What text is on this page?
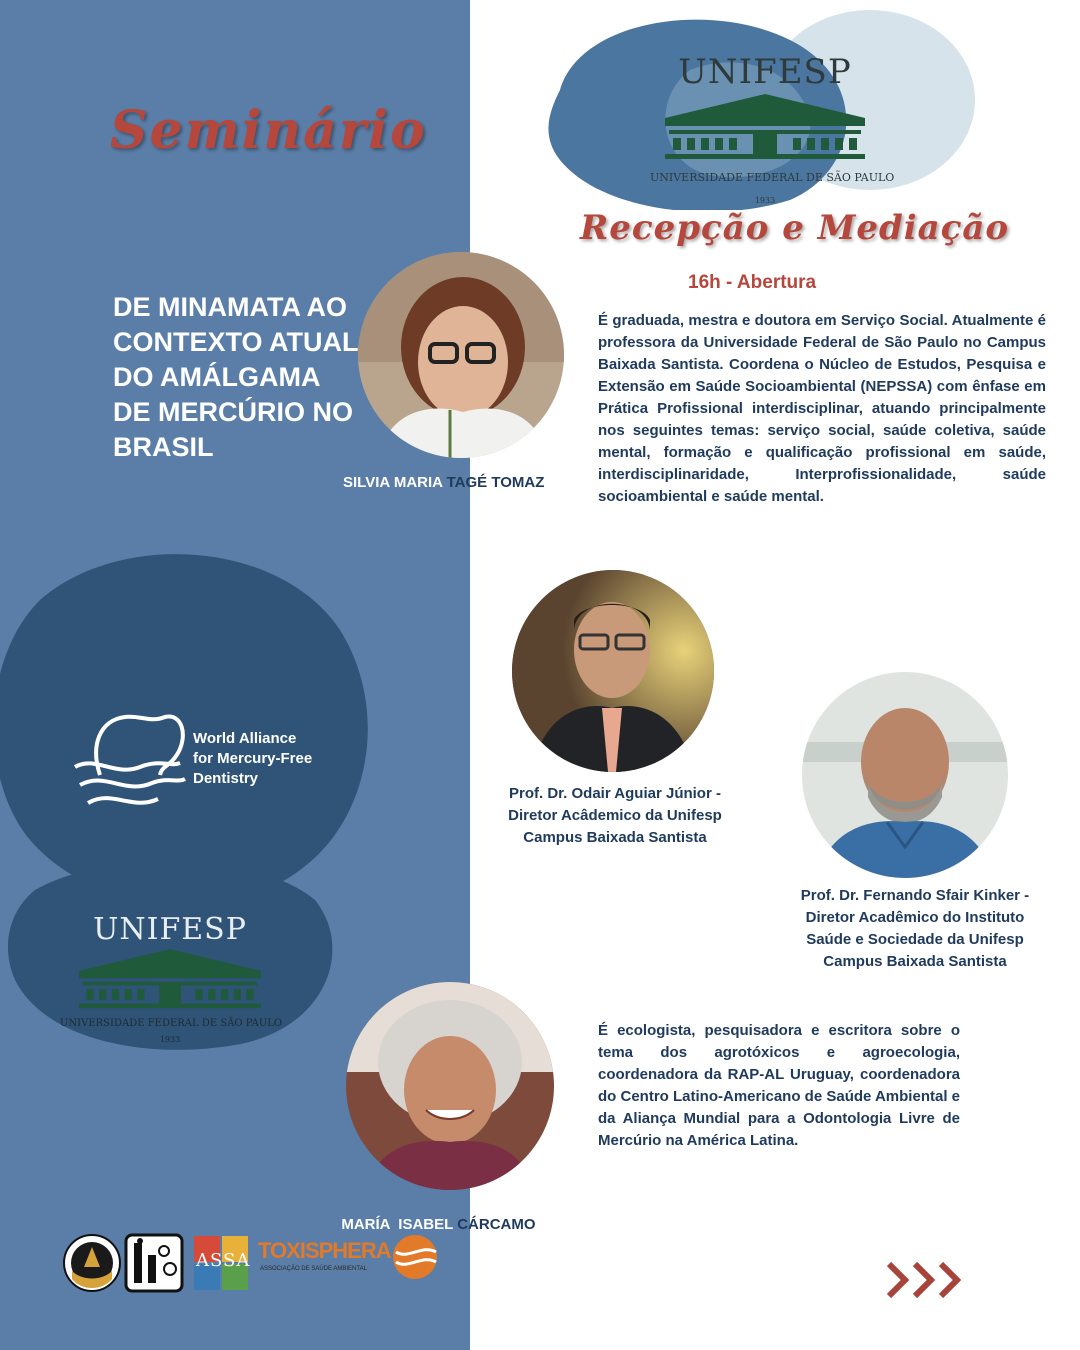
UNIFESP
UNIVERSIDADE FEDERAL DE SÃO PAULO
1933
Seminário
Recepção e Mediação
DE MINAMATA AO CONTEXTO ATUAL DO AMÁLGAMA DE MERCÚRIO NO BRASIL
16h - Abertura
SILVIA MARIA TAGÉ TOMAZ
É graduada, mestra e doutora em Serviço Social. Atualmente é professora da Universidade Federal de São Paulo no Campus Baixada Santista. Coordena o Núcleo de Estudos, Pesquisa e Extensão em Saúde Socioambiental (NEPSSA) com ênfase em Prática Profissional interdisciplinar, atuando principalmente nos seguintes temas: serviço social, saúde coletiva, saúde mental, formação e qualificação profissional em saúde, interdisciplinaridade, Interprofissionalidade, saúde socioambiental e saúde mental.
Prof. Dr. Odair Aguiar Júnior -
Diretor Acâdemico da Unifesp
Campus Baixada Santista
Prof. Dr. Fernando Sfair Kinker -
Diretor Acadêmico do Instituto
Saúde e Sociedade da Unifesp
Campus Baixada Santista
World Alliance
for Mercury-Free
Dentistry
UNIFESP
UNIVERSIDADE FEDERAL DE SÃO PAULO
1933

MARÍA  ISABEL CÁRCAMO

É ecologista, pesquisadora e escritora sobre o tema dos agrotóxicos e agroecologia, coordenadora da RAP-AL Uruguay, coordenadora do Centro Latino-Americano de Saúde Ambiental e da Aliança Mundial para a Odontologia Livre de Mercúrio na América Latina.
ASSA TOXISPHERA
ASSOCIAÇÃO DE SAÚDE AMBIENTAL
